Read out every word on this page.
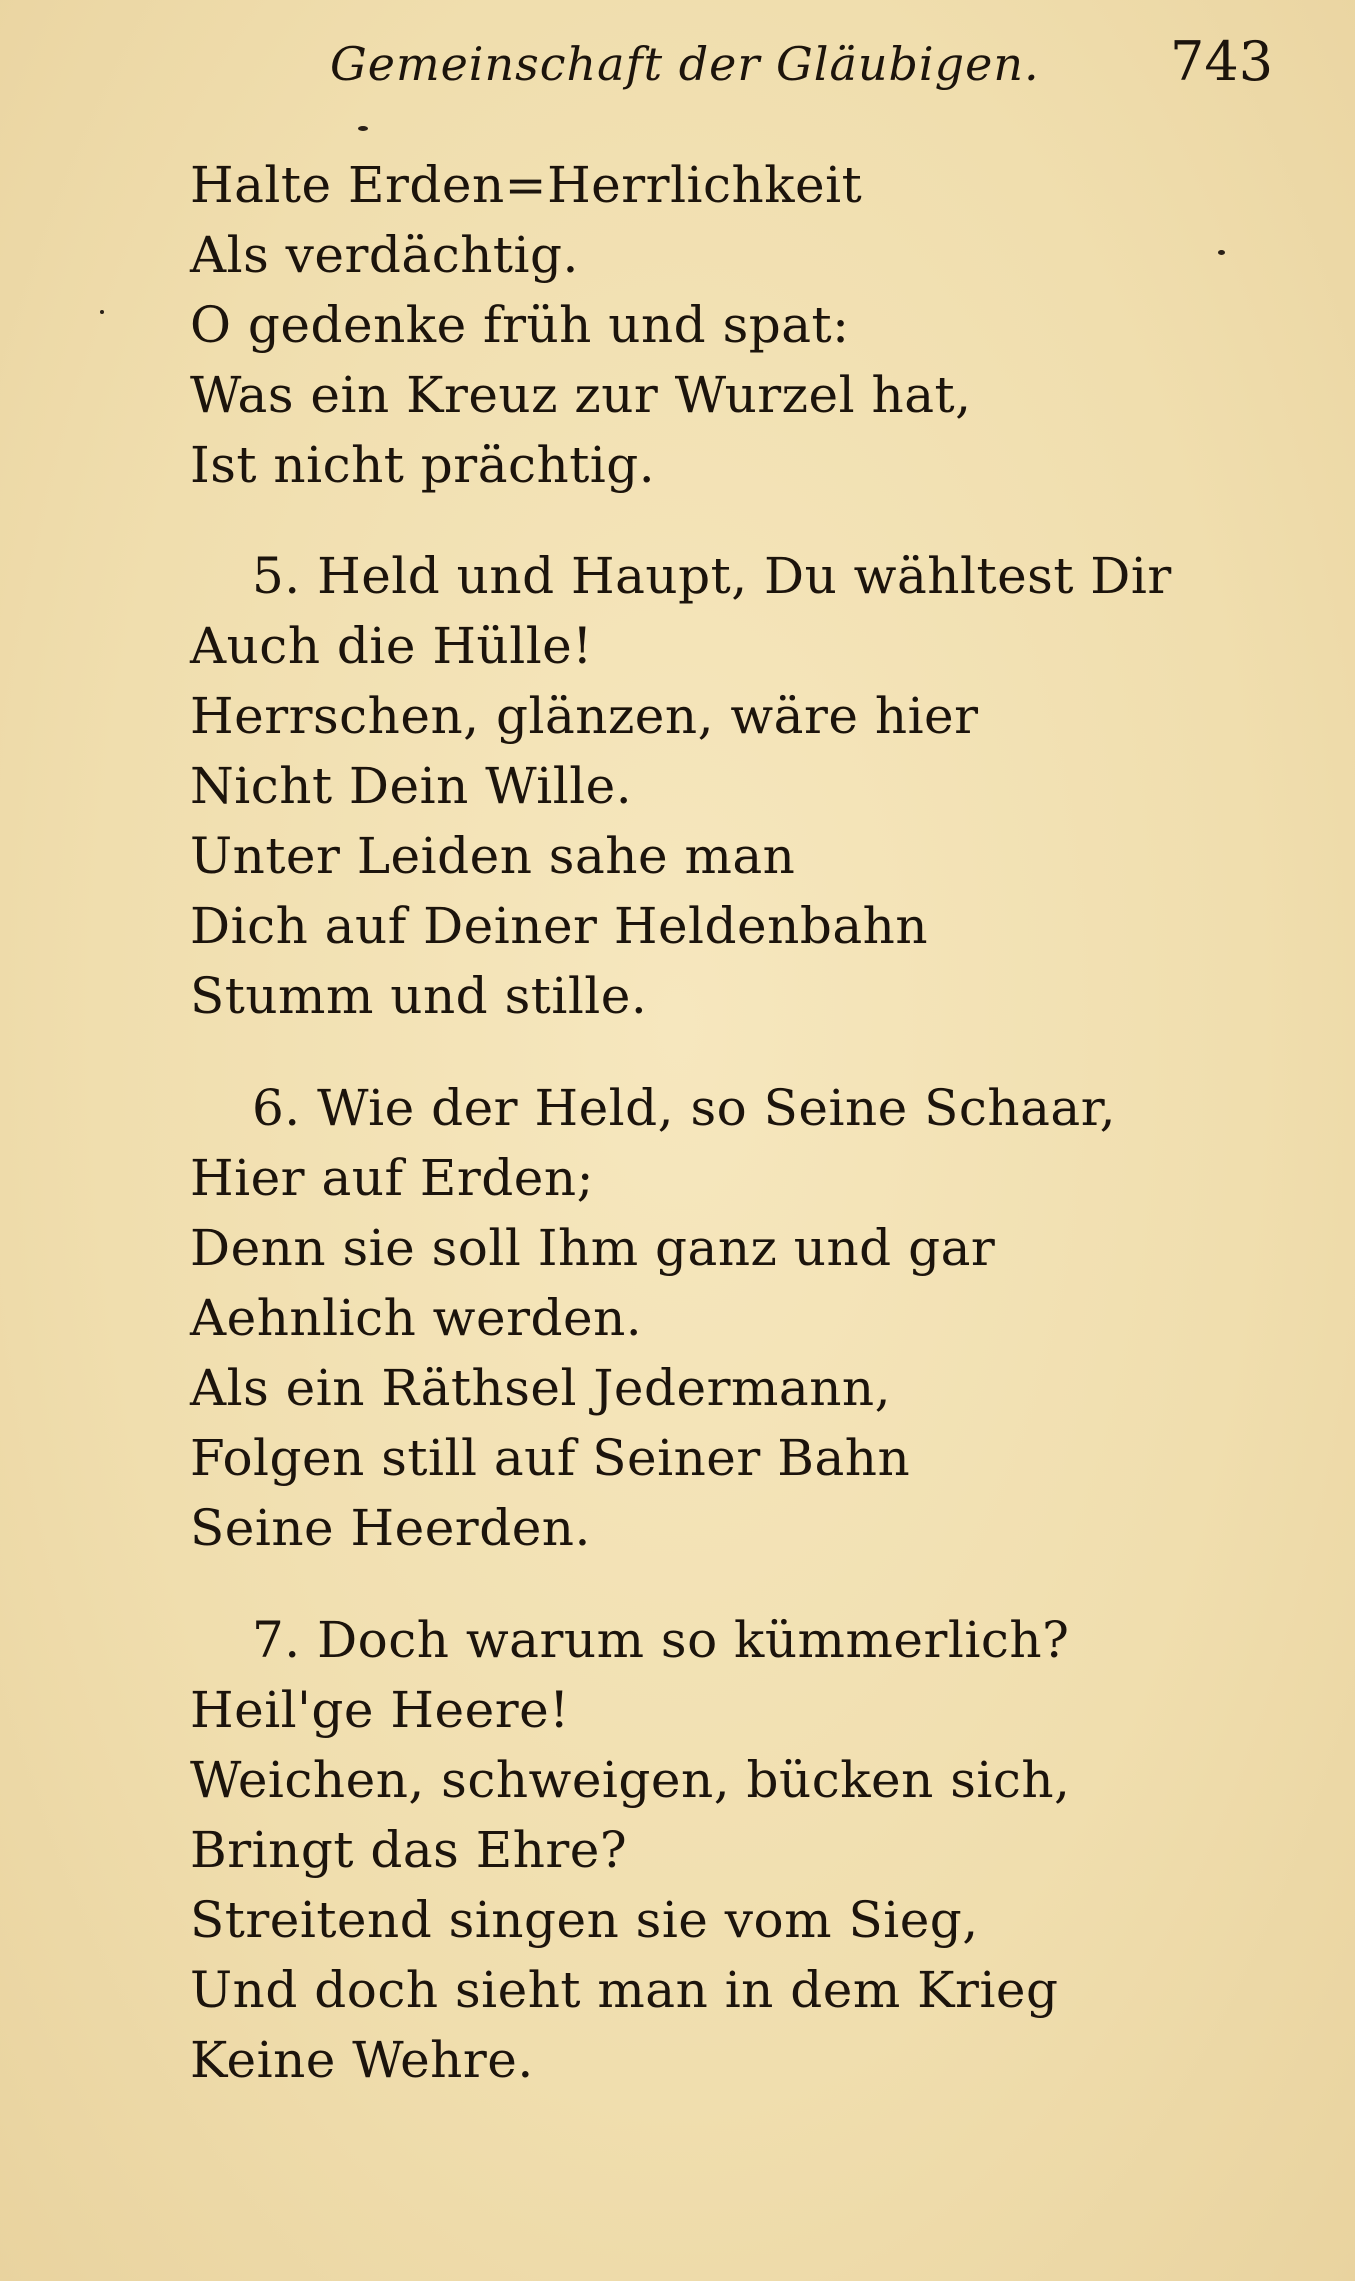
Gemeinschaft der Gläubigen. 743
Halte Erden=Herrlichkeit
Als verdächtig.
O gedenke früh und spat:
Was ein Kreuz zur Wurzel hat,
Ist nicht prächtig.
5. Held und Haupt, Du wähltest Dir
Auch die Hülle!
Herrschen, glänzen, wäre hier
Nicht Dein Wille.
Unter Leiden sahe man
Dich auf Deiner Heldenbahn
Stumm und stille.
6. Wie der Held, so Seine Schaar,
Hier auf Erden;
Denn sie soll Ihm ganz und gar
Aehnlich werden.
Als ein Räthsel Jedermann,
Folgen still auf Seiner Bahn
Seine Heerden.
7. Doch warum so kümmerlich?
Heil'ge Heere!
Weichen, schweigen, bücken sich,
Bringt das Ehre?
Streitend singen sie vom Sieg,
Und doch sieht man in dem Krieg
Keine Wehre.
